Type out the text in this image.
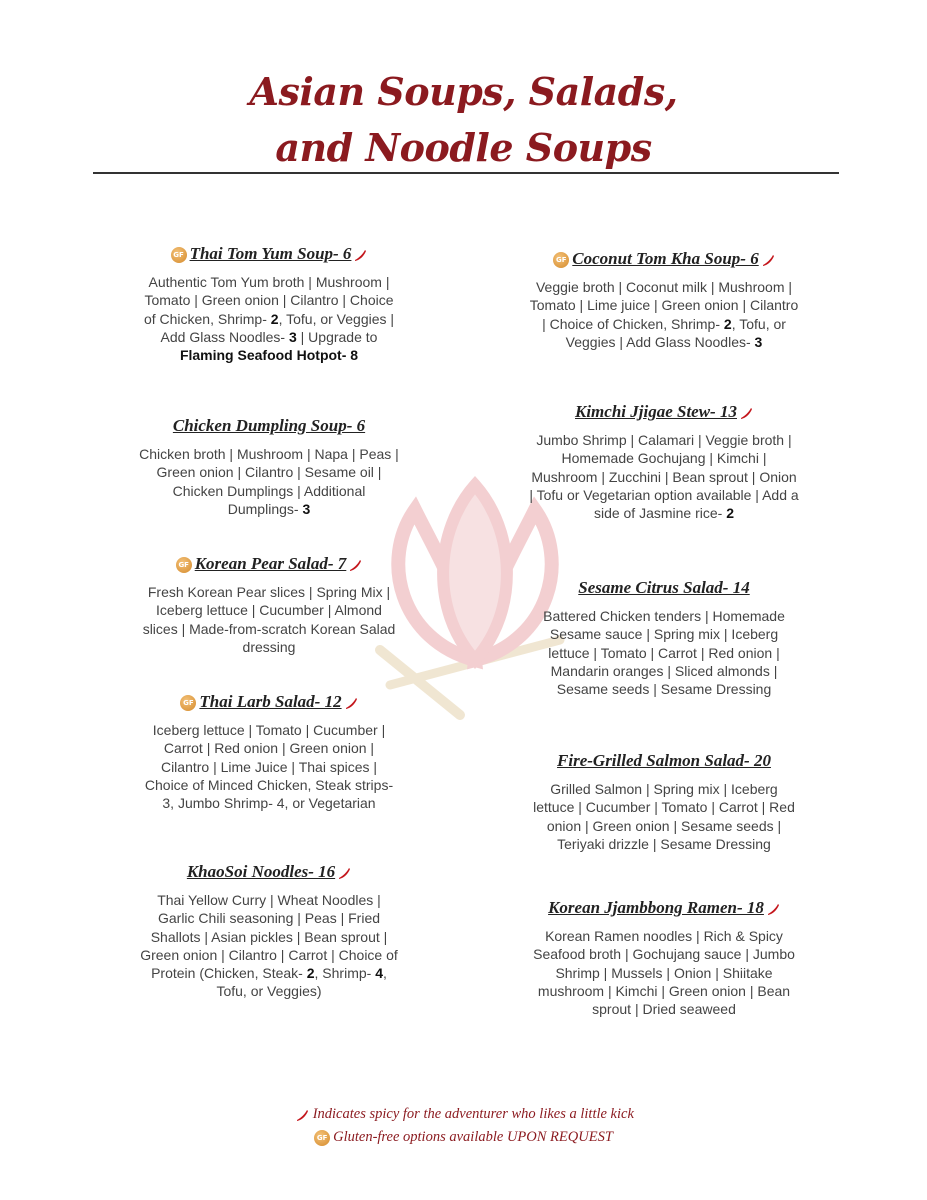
Asian Soups, Salads,
and Noodle Soups
GF Thai Tom Yum Soup- 6

Authentic Tom Yum broth | Mushroom | Tomato | Green onion | Cilantro | Choice of Chicken, Shrimp- 2, Tofu, or Veggies | Add Glass Noodles- 3 | Upgrade to
Flaming Seafood Hotpot- 8

Chicken Dumpling Soup- 6

Chicken broth | Mushroom | Napa | Peas | Green onion | Cilantro | Sesame oil | Chicken Dumplings | Additional Dumplings- 3

GF Korean Pear Salad- 7

Fresh Korean Pear slices | Spring Mix | Iceberg lettuce | Cucumber | Almond slices | Made-from-scratch Korean Salad dressing

GF Thai Larb Salad- 12

Iceberg lettuce | Tomato | Cucumber | Carrot | Red onion | Green onion | Cilantro | Lime Juice | Thai spices | Choice of Minced Chicken, Steak strips- 3, Jumbo Shrimp- 4, or Vegetarian

KhaoSoi Noodles- 16

Thai Yellow Curry | Wheat Noodles | Garlic Chili seasoning | Peas | Fried Shallots | Asian pickles | Bean sprout | Green onion | Cilantro | Carrot | Choice of Protein (Chicken, Steak- 2, Shrimp- 4, Tofu, or Veggies)

GF Coconut Tom Kha Soup- 6

Veggie broth | Coconut milk | Mushroom | Tomato | Lime juice | Green onion | Cilantro | Choice of Chicken, Shrimp- 2, Tofu, or Veggies | Add Glass Noodles- 3

Kimchi Jjigae Stew- 13

Jumbo Shrimp | Calamari | Veggie broth | Homemade Gochujang | Kimchi | Mushroom | Zucchini | Bean sprout | Onion | Tofu or Vegetarian option available | Add a side of Jasmine rice- 2

Sesame Citrus Salad- 14

Battered Chicken tenders | Homemade Sesame sauce | Spring mix | Iceberg lettuce | Tomato | Carrot | Red onion | Mandarin oranges | Sliced almonds | Sesame seeds | Sesame Dressing

Fire-Grilled Salmon Salad- 20

Grilled Salmon | Spring mix | Iceberg lettuce | Cucumber | Tomato | Carrot | Red onion | Green onion | Sesame seeds | Teriyaki drizzle | Sesame Dressing

Korean Jjambbong Ramen- 18

Korean Ramen noodles | Rich & Spicy Seafood broth | Gochujang sauce | Jumbo Shrimp | Mussels | Onion | Shiitake mushroom | Kimchi | Green onion | Bean sprout | Dried seaweed

Indicates spicy for the adventurer who likes a little kick
GF Gluten-free options available UPON REQUEST
